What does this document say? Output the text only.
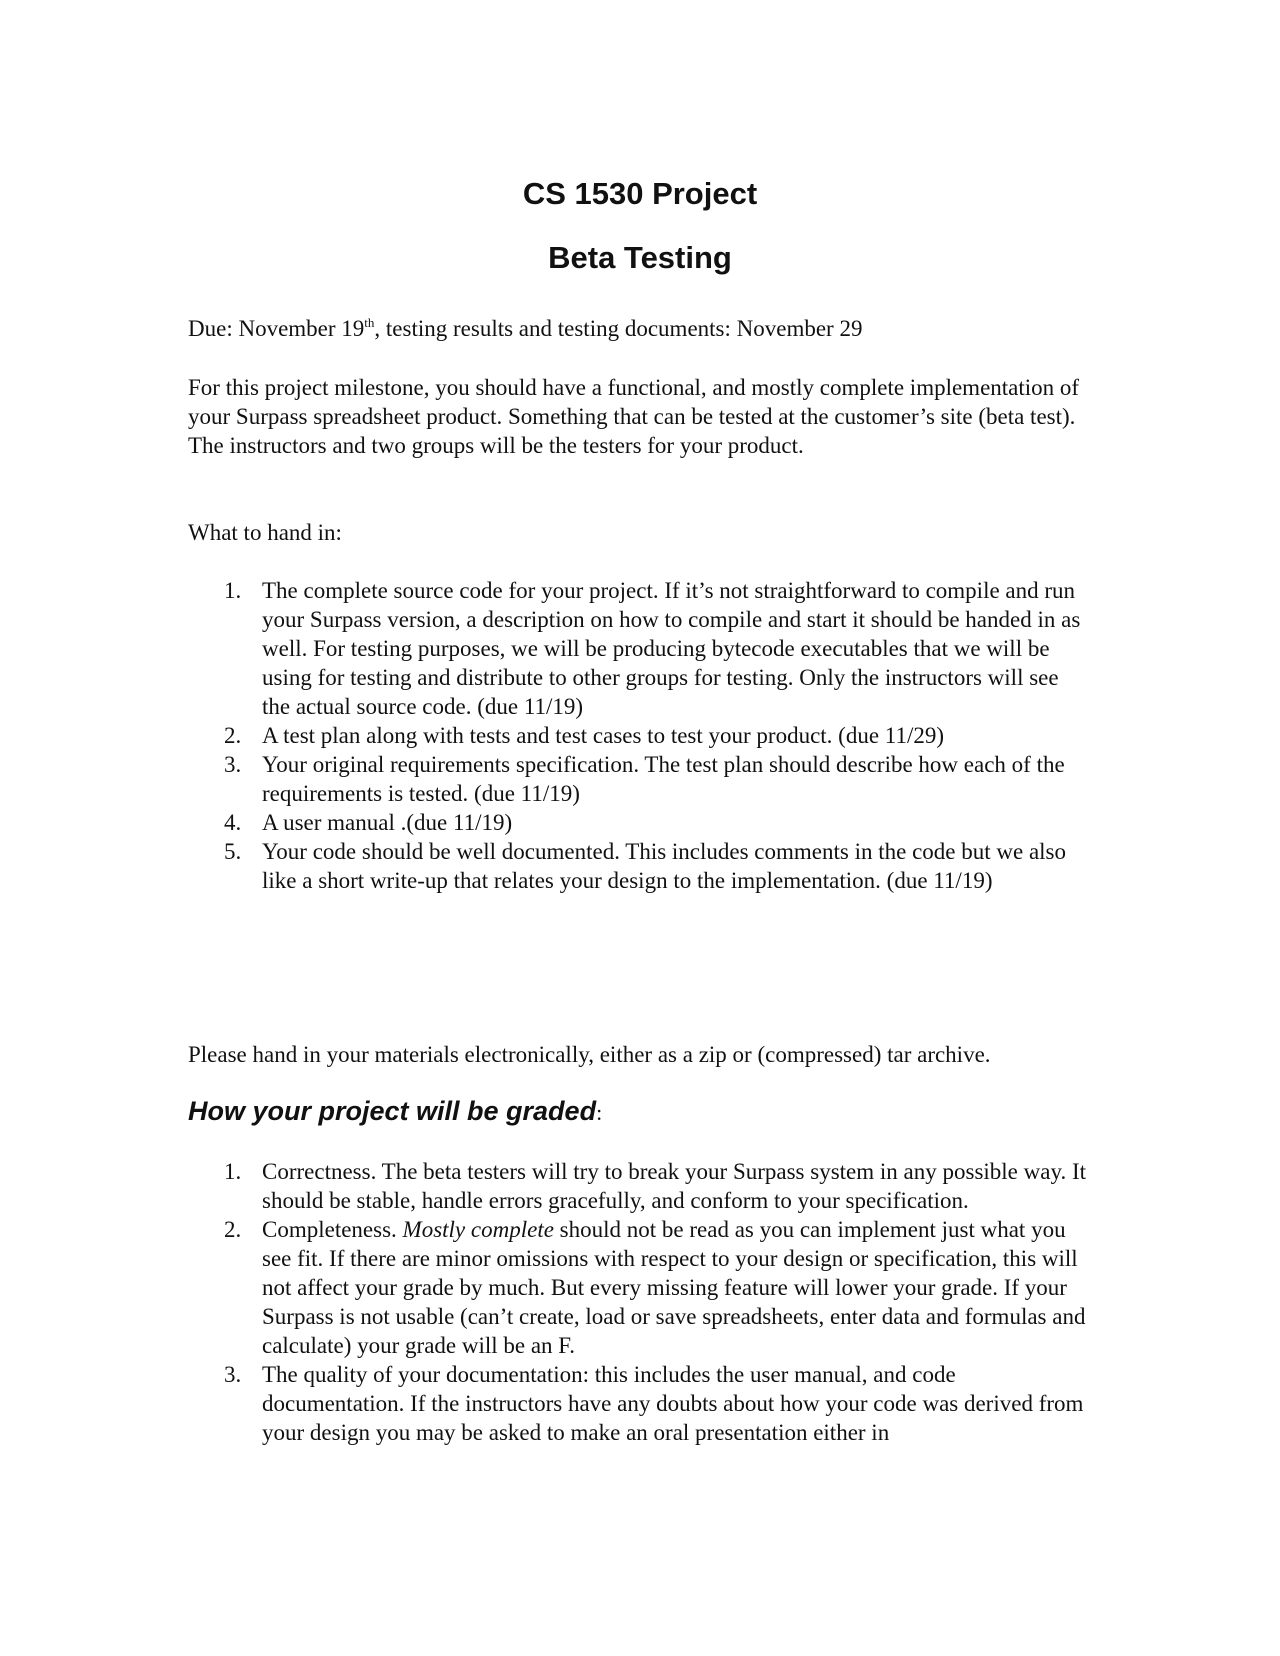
CS 1530 Project
Beta Testing

Due: November 19th, testing results and testing documents: November 29

For this project milestone, you should have a functional, and mostly complete implementation of your Surpass spreadsheet product. Something that can be tested at the customer’s site (beta test). The instructors and two groups will be the testers for your product.

What to hand in:

1. The complete source code for your project. If it’s not straightforward to compile and run your Surpass version, a description on how to compile and start it should be handed in as well. For testing purposes, we will be producing bytecode executables that we will be using for testing and distribute to other groups for testing. Only the instructors will see the actual source code. (due 11/19)
2. A test plan along with tests and test cases to test your product. (due 11/29)
3. Your original requirements specification. The test plan should describe how each of the requirements is tested. (due 11/19)
4. A user manual .(due 11/19)
5. Your code should be well documented. This includes comments in the code but we also like a short write-up that relates your design to the implementation. (due 11/19)

Please hand in your materials electronically, either as a zip or (compressed) tar archive.

How your project will be graded:
1. Correctness. The beta testers will try to break your Surpass system in any possible way. It should be stable, handle errors gracefully, and conform to your specification.
2. Completeness. Mostly complete should not be read as you can implement just what you see fit. If there are minor omissions with respect to your design or specification, this will not affect your grade by much. But every missing feature will lower your grade. If your Surpass is not usable (can’t create, load or save spreadsheets, enter data and formulas and calculate) your grade will be an F.
3. The quality of your documentation: this includes the user manual, and code documentation. If the instructors have any doubts about how your code was derived from your design you may be asked to make an oral presentation either in
